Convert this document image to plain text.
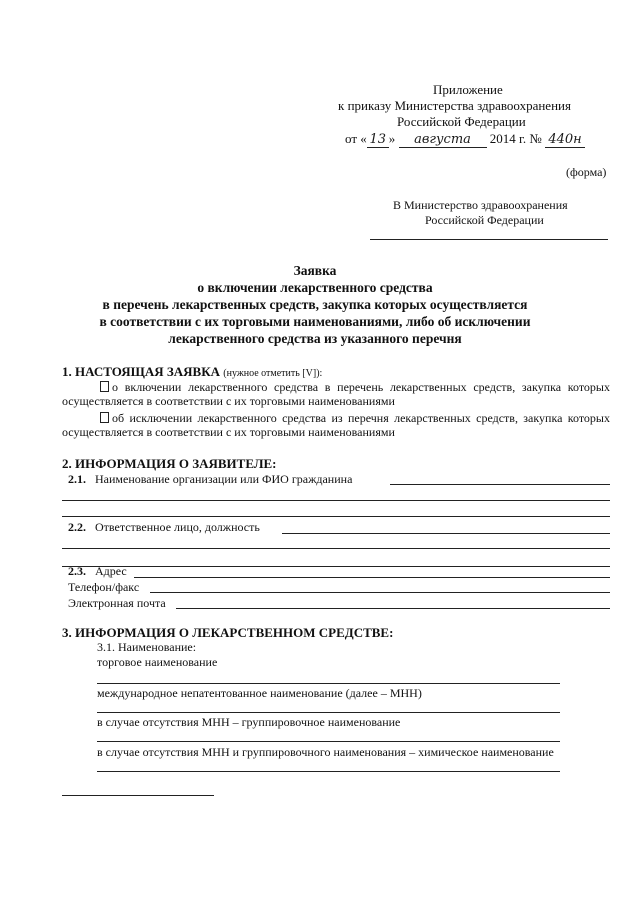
Приложение
к приказу Министерства здравоохранения
Российской Федерации
от « 13 » августа 2014 г. № 440н
(форма)
В Министерство здравоохранения
Российской Федерации
Заявка
о включении лекарственного средства
в перечень лекарственных средств, закупка которых осуществляется
в соответствии с их торговыми наименованиями, либо об исключении
лекарственного средства из указанного перечня
1. НАСТОЯЩАЯ ЗАЯВКА (нужное отметить [V]):
о включении лекарственного средства в перечень лекарственных средств, закупка которых осуществляется в соответствии с их торговыми наименованиями
об исключении лекарственного средства из перечня лекарственных средств, закупка которых осуществляется в соответствии с их торговыми наименованиями
2. ИНФОРМАЦИЯ О ЗАЯВИТЕЛЕ:
2.1. Наименование организации или ФИО гражданина
2.2. Ответственное лицо, должность
2.3. Адрес
Телефон/факс
Электронная почта
3. ИНФОРМАЦИЯ О ЛЕКАРСТВЕННОМ СРЕДСТВЕ:
3.1. Наименование:
торговое наименование
международное непатентованное наименование (далее – МНН)
в случае отсутствия МНН – группировочное наименование
в случае отсутствия МНН и группировочного наименования – химическое наименование
